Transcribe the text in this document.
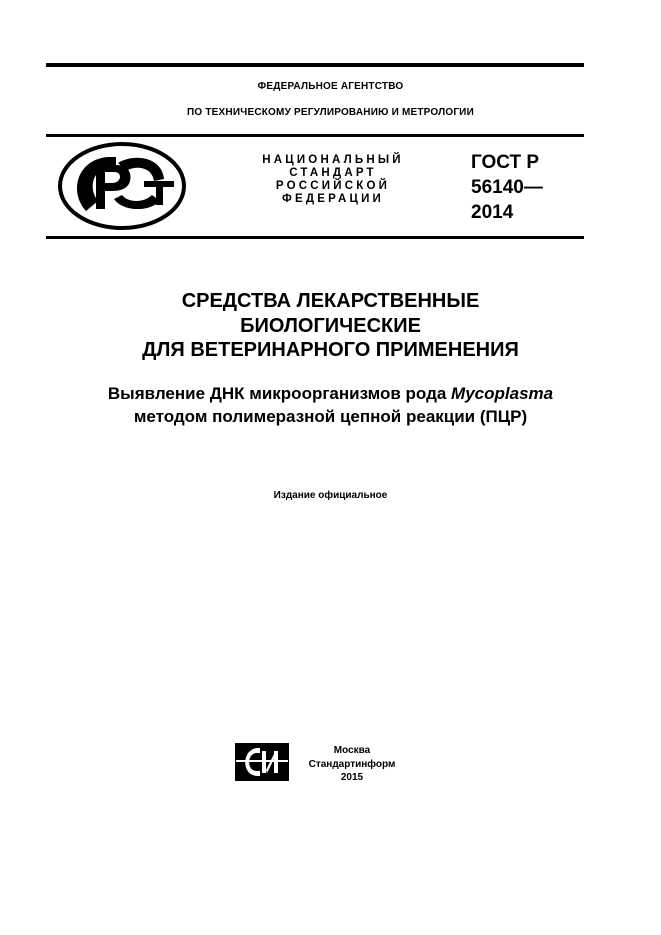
ФЕДЕРАЛЬНОЕ АГЕНТСТВО
ПО ТЕХНИЧЕСКОМУ РЕГУЛИРОВАНИЮ И МЕТРОЛОГИИ
НАЦИОНАЛЬНЫЙ
СТАНДАРТ
РОССИЙСКОЙ
ФЕДЕРАЦИИ
ГОСТ Р
56140—
2014
СРЕДСТВА ЛЕКАРСТВЕННЫЕ
БИОЛОГИЧЕСКИЕ
ДЛЯ ВЕТЕРИНАРНОГО ПРИМЕНЕНИЯ
Выявление ДНК микроорганизмов рода Mycoplasma
методом полимеразной цепной реакции (ПЦР)
Издание официальное
Москва
Стандартинформ
2015
